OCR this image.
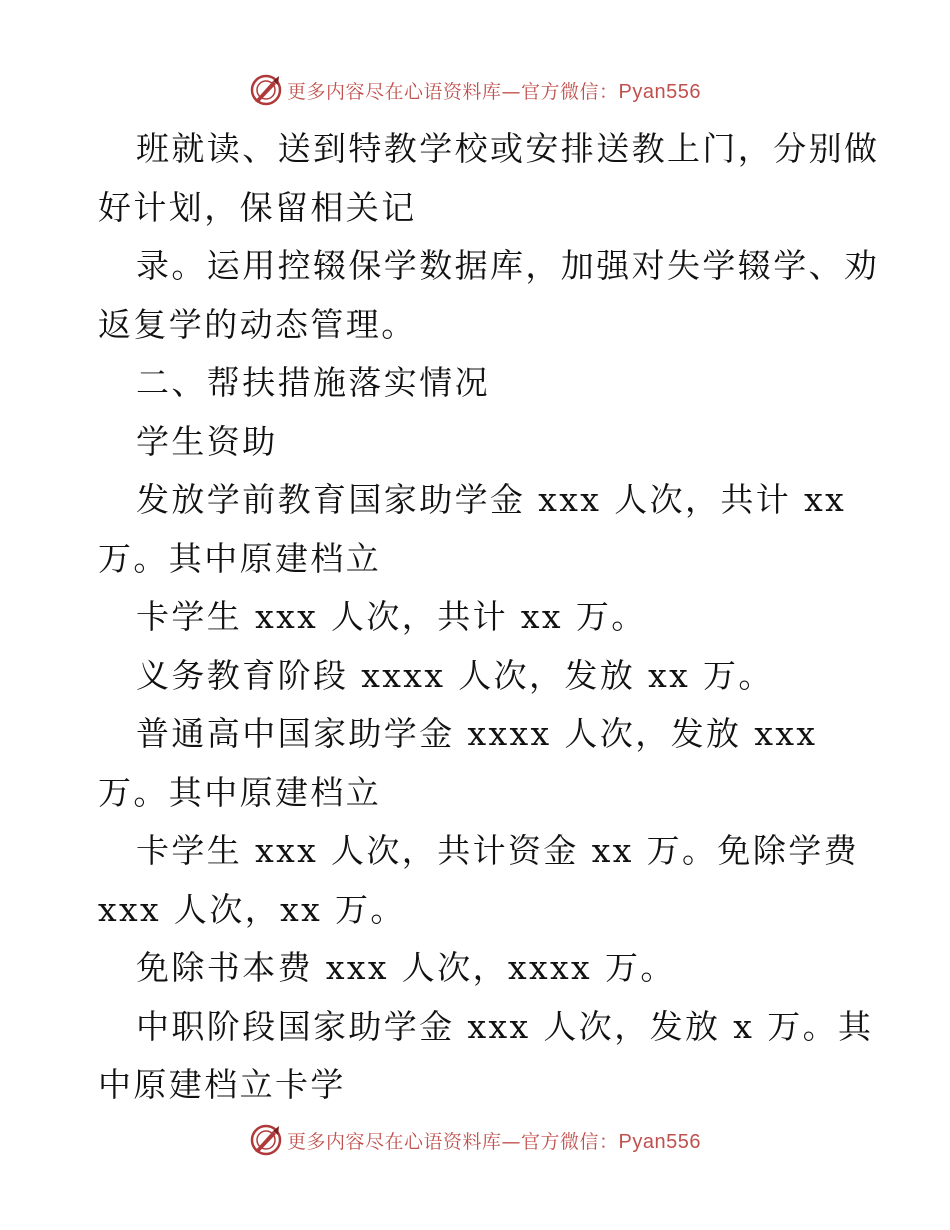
更多内容尽在心语资料库—官方微信：Pyan556
班就读、送到特教学校或安排送教上门，分别做
好计划，保留相关记
录。运用控辍保学数据库，加强对失学辍学、劝
返复学的动态管理。
二、帮扶措施落实情况
学生资助
发放学前教育国家助学金 xxx 人次，共计 xx
万。其中原建档立
卡学生 xxx 人次，共计 xx 万。
义务教育阶段 xxxx 人次，发放 xx 万。
普通高中国家助学金 xxxx 人次，发放 xxx
万。其中原建档立
卡学生 xxx 人次，共计资金 xx 万。免除学费
xxx 人次，xx 万。
免除书本费 xxx 人次，xxxx 万。
中职阶段国家助学金 xxx 人次，发放 x 万。其
中原建档立卡学
更多内容尽在心语资料库—官方微信：Pyan556
